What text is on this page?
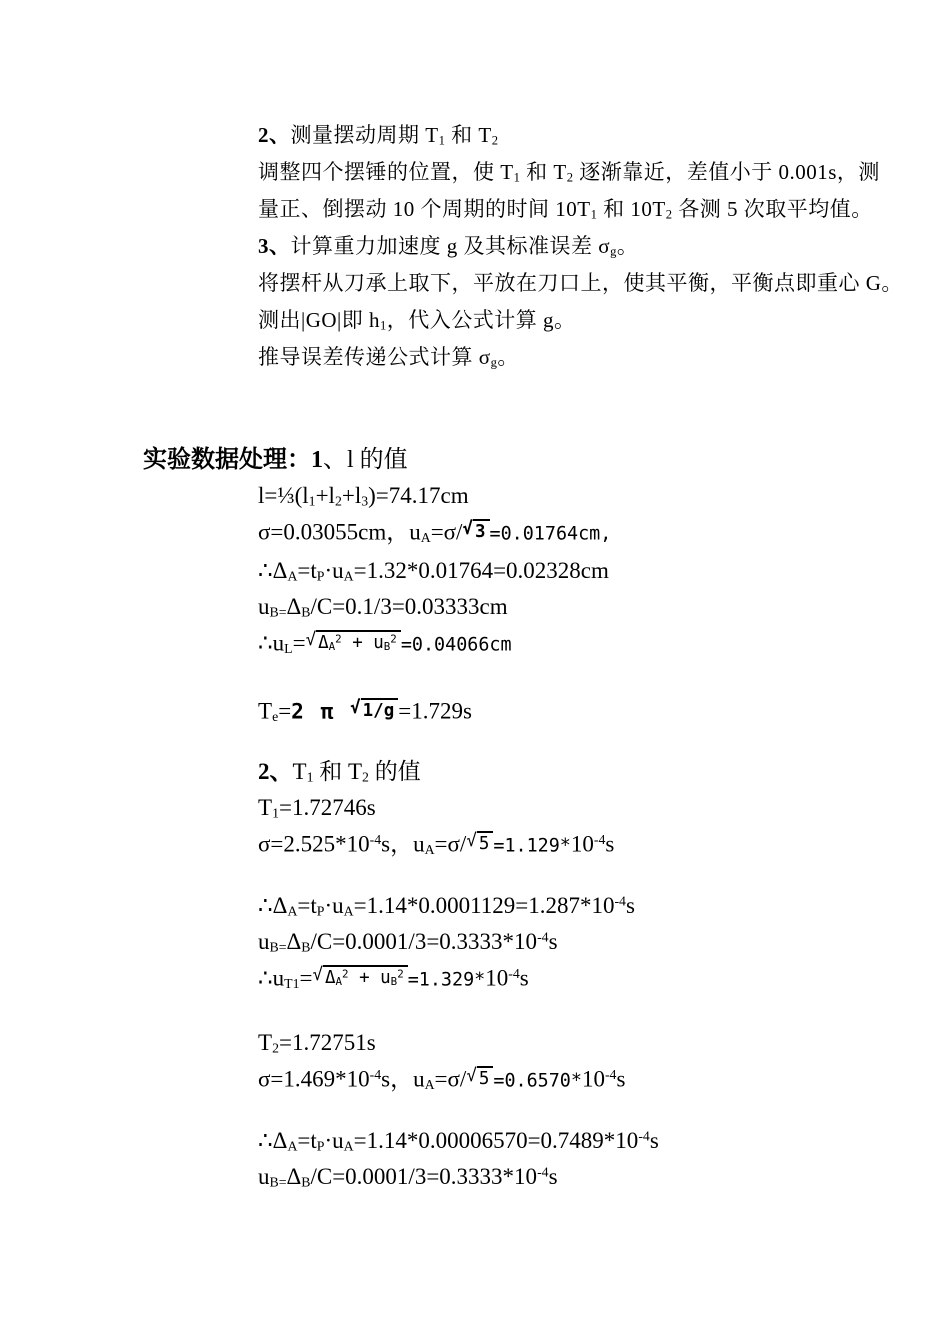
2、测量摆动周期 $T_1$ 和 $T_2$

调整四个摆锤的位置，使 $T_1$ 和 $T_2$ 逐渐靠近，差值小于 0.001s，测

量正、倒摆动 10 个周期的时间 $10T_1$ 和 $10T_2$ 各测 5 次取平均值。

3、计算重力加速度 g 及其标准误差 $\sigma_g$。

将摆杆从刀承上取下，平放在刀口上，使其平衡，平衡点即重心 G。

测出|GO|即 $h_1$，代入公式计算 g。

推导误差传递公式计算 $\sigma_g$。

实验数据处理：1、l 的值

$l=\frac{1}{3}(l_1+l_2+l_3)=74.17cm$

σ=0.03055cm，$u_A=\sigma/√$ 3 =0.01764cm,

$\therefore\Delta_A=t_P\cdot u_A=1.32*0.01764=0.02328cm$

$u_{B=}\Delta_B/C=0.1/3=0.03333cm$

$\therefore u_L=√$ $\Delta_A^2 + u_B^2 =0.04066cm$

$T_e=2$ π √ 1/g =1.729s

2、$T_1$ 和 $T_2$ 的值

$T_1=1.72746s$

$\sigma=2.525*10^{-4}s$，$u_A=\sigma/√$ $5 =1.129*10^{-4}s$

$\therefore\Delta_A=t_P\cdot u_A=1.14*0.0001129=1.287*10^{-4}s$

$u_{B=}\Delta_B/C=0.0001/3=0.3333*10^{-4}s$

$\therefore u_{T1}=√$ $\Delta_A^2 + u_B^2 =1.329*10^{-4}s$

$T_2=1.72751s$

$\sigma=1.469*10^{-4}s$，$u_A=\sigma/√$ $5 =0.6570*10^{-4}s$

$\therefore\Delta_A=t_P\cdot u_A=1.14*0.00006570=0.7489*10^{-4}s$

$u_{B=}\Delta_B/C=0.0001/3=0.3333*10^{-4}s$
